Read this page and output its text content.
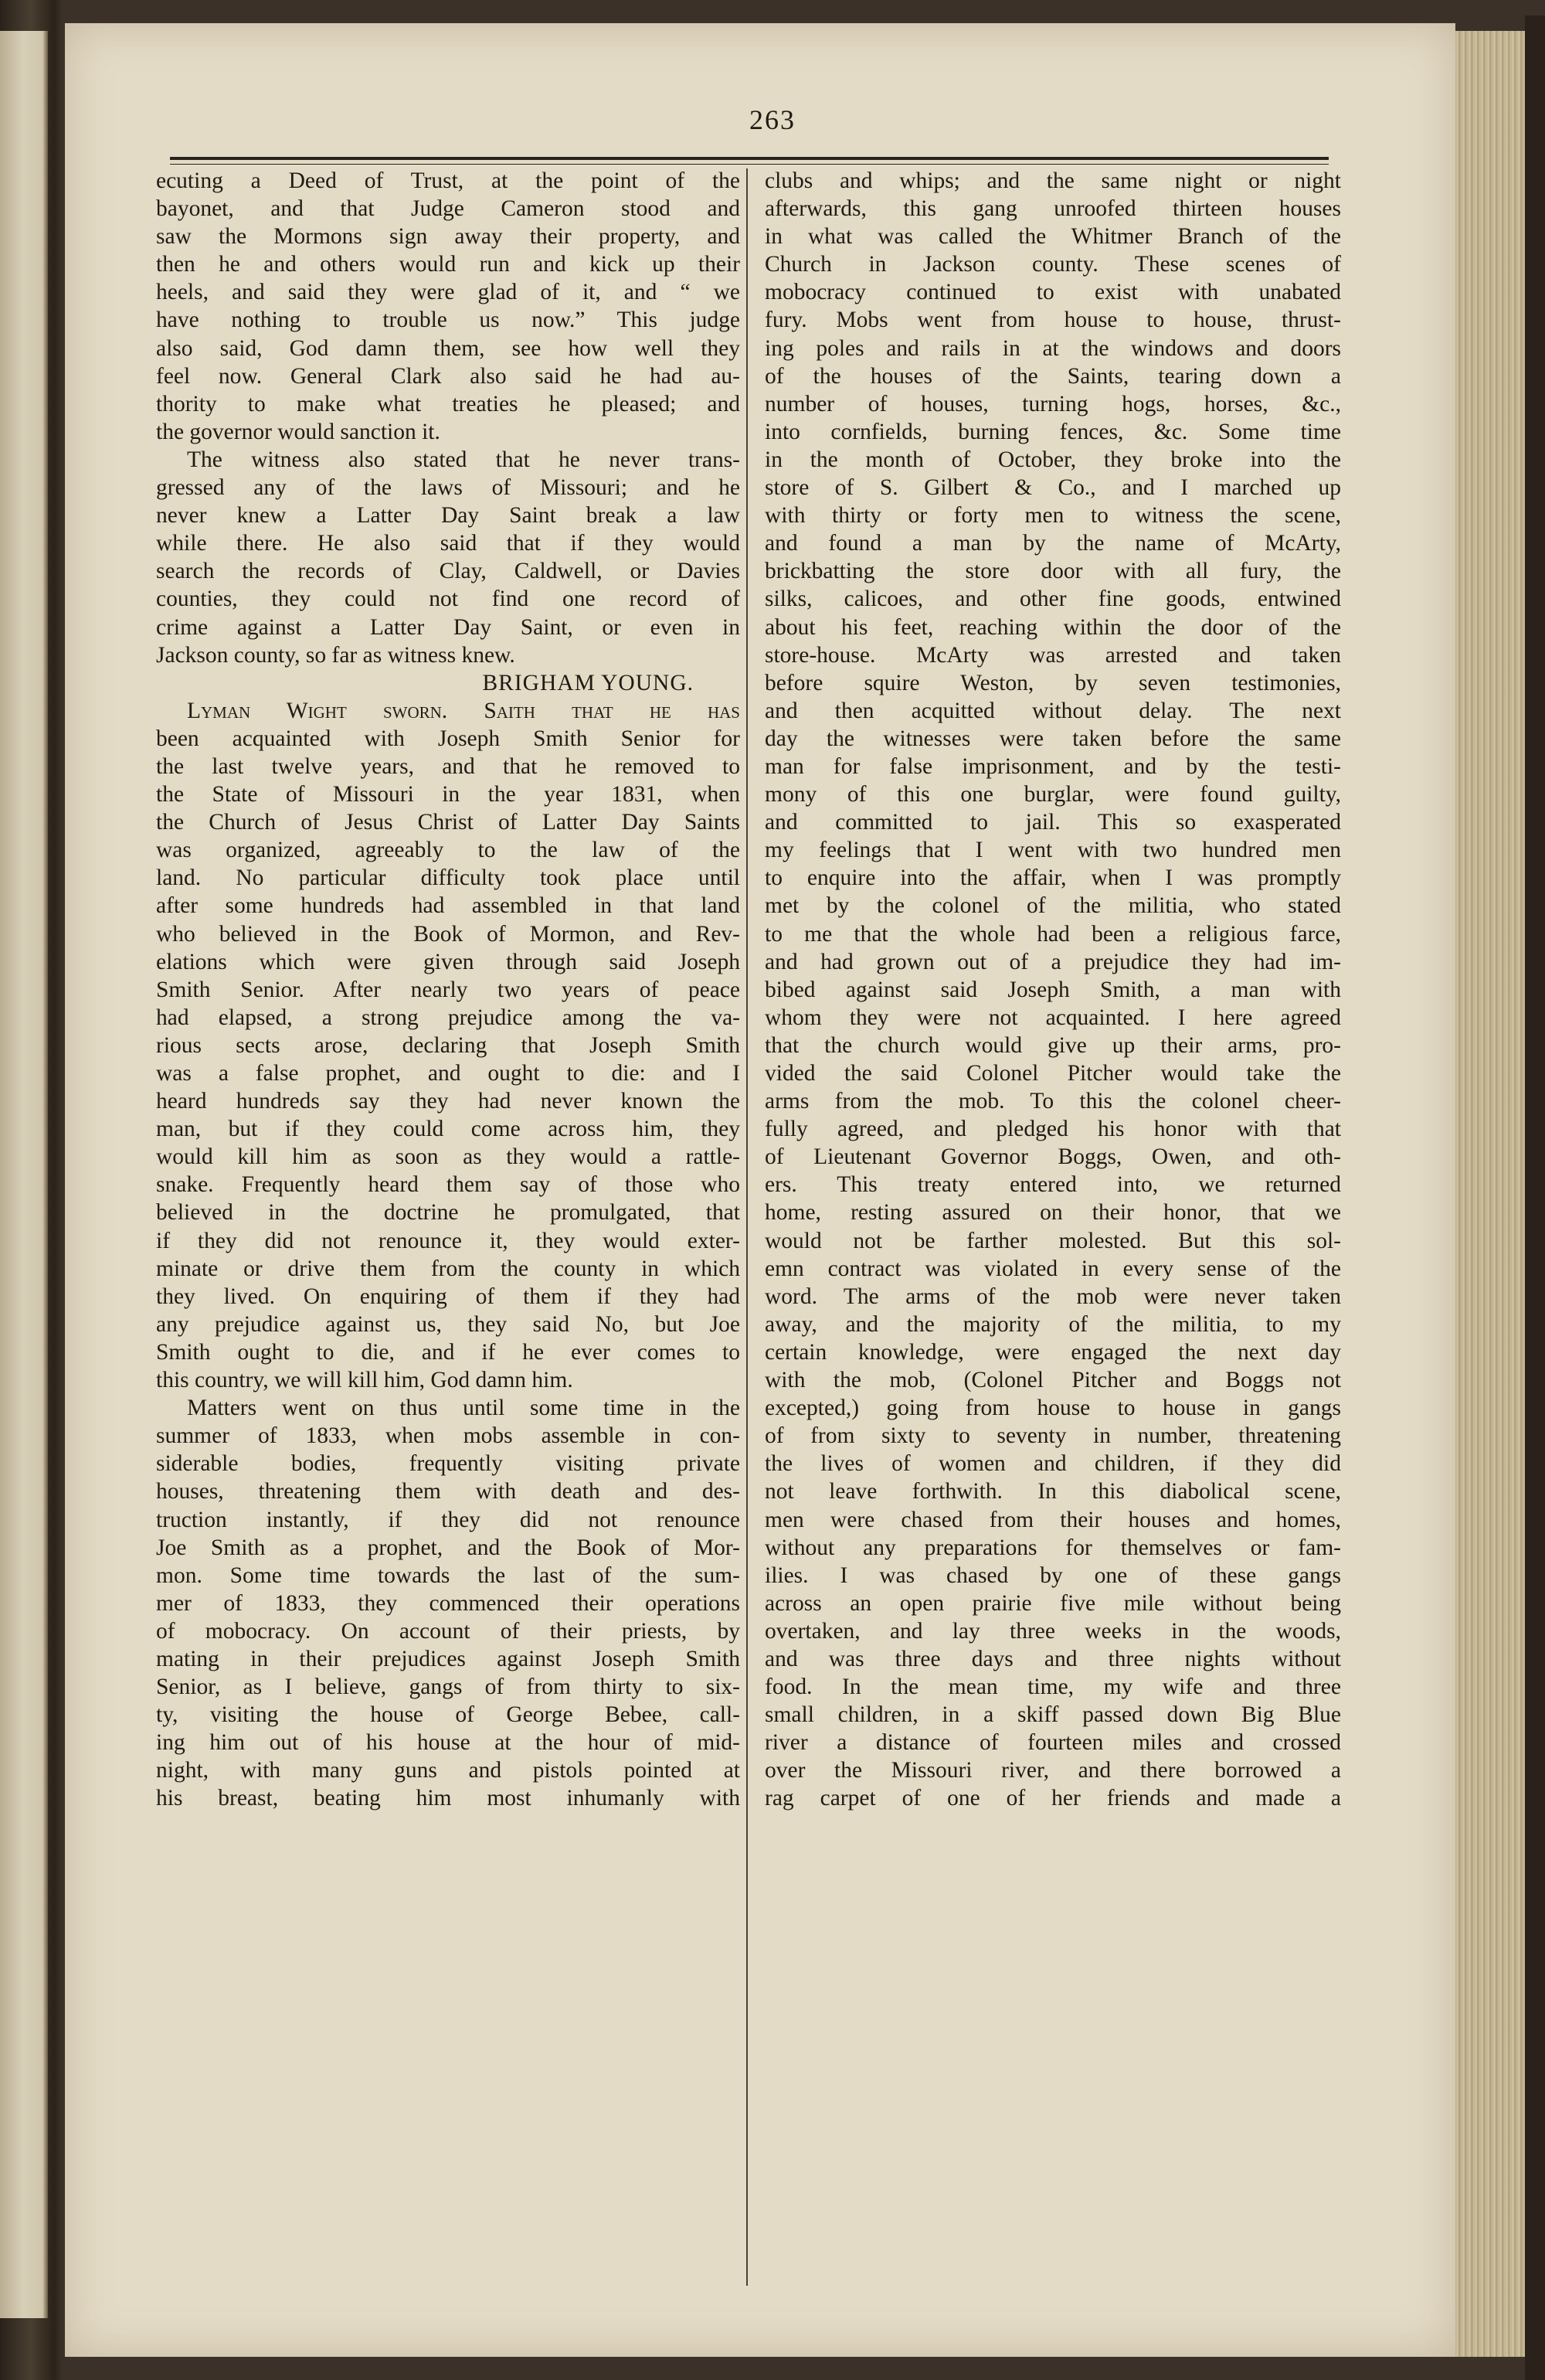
263

ecuting a Deed of Trust, at the point of the

bayonet, and that Judge Cameron stood and

saw the Mormons sign away their property, and

then he and others would run and kick up their

heels, and said they were glad of it, and “ we

have nothing to trouble us now.” This judge

also said, God damn them, see how well they

feel now. General Clark also said he had au-

thority to make what treaties he pleased; and

the governor would sanction it.

The witness also stated that he never trans-

gressed any of the laws of Missouri; and he

never knew a Latter Day Saint break a law

while there. He also said that if they would

search the records of Clay, Caldwell, or Davies

counties, they could not find one record of

crime against a Latter Day Saint, or even in

Jackson county, so far as witness knew.

BRIGHAM YOUNG.

Lyman Wight sworn. Saith that he has

been acquainted with Joseph Smith Senior for

the last twelve years, and that he removed to

the State of Missouri in the year 1831, when

the Church of Jesus Christ of Latter Day Saints

was organized, agreeably to the law of the

land. No particular difficulty took place until

after some hundreds had assembled in that land

who believed in the Book of Mormon, and Rev-

elations which were given through said Joseph

Smith Senior. After nearly two years of peace

had elapsed, a strong prejudice among the va-

rious sects arose, declaring that Joseph Smith

was a false prophet, and ought to die: and I

heard hundreds say they had never known the

man, but if they could come across him, they

would kill him as soon as they would a rattle-

snake. Frequently heard them say of those who

believed in the doctrine he promulgated, that

if they did not renounce it, they would exter-

minate or drive them from the county in which

they lived. On enquiring of them if they had

any prejudice against us, they said No, but Joe

Smith ought to die, and if he ever comes to

this country, we will kill him, God damn him.

Matters went on thus until some time in the

summer of 1833, when mobs assemble in con-

siderable bodies, frequently visiting private

houses, threatening them with death and des-

truction instantly, if they did not renounce

Joe Smith as a prophet, and the Book of Mor-

mon. Some time towards the last of the sum-

mer of 1833, they commenced their operations

of mobocracy. On account of their priests, by

mating in their prejudices against Joseph Smith

Senior, as I believe, gangs of from thirty to six-

ty, visiting the house of George Bebee, call-

ing him out of his house at the hour of mid-

night, with many guns and pistols pointed at

his breast, beating him most inhumanly with

clubs and whips; and the same night or night

afterwards, this gang unroofed thirteen houses

in what was called the Whitmer Branch of the

Church in Jackson county. These scenes of

mobocracy continued to exist with unabated

fury. Mobs went from house to house, thrust-

ing poles and rails in at the windows and doors

of the houses of the Saints, tearing down a

number of houses, turning hogs, horses, &c.,

into cornfields, burning fences, &c. Some time

in the month of October, they broke into the

store of S. Gilbert & Co., and I marched up

with thirty or forty men to witness the scene,

and found a man by the name of McArty,

brickbatting the store door with all fury, the

silks, calicoes, and other fine goods, entwined

about his feet, reaching within the door of the

store-house. McArty was arrested and taken

before squire Weston, by seven testimonies,

and then acquitted without delay. The next

day the witnesses were taken before the same

man for false imprisonment, and by the testi-

mony of this one burglar, were found guilty,

and committed to jail. This so exasperated

my feelings that I went with two hundred men

to enquire into the affair, when I was promptly

met by the colonel of the militia, who stated

to me that the whole had been a religious farce,

and had grown out of a prejudice they had im-

bibed against said Joseph Smith, a man with

whom they were not acquainted. I here agreed

that the church would give up their arms, pro-

vided the said Colonel Pitcher would take the

arms from the mob. To this the colonel cheer-

fully agreed, and pledged his honor with that

of Lieutenant Governor Boggs, Owen, and oth-

ers. This treaty entered into, we returned

home, resting assured on their honor, that we

would not be farther molested. But this sol-

emn contract was violated in every sense of the

word. The arms of the mob were never taken

away, and the majority of the militia, to my

certain knowledge, were engaged the next day

with the mob, (Colonel Pitcher and Boggs not

excepted,) going from house to house in gangs

of from sixty to seventy in number, threatening

the lives of women and children, if they did

not leave forthwith. In this diabolical scene,

men were chased from their houses and homes,

without any preparations for themselves or fam-

ilies. I was chased by one of these gangs

across an open prairie five mile without being

overtaken, and lay three weeks in the woods,

and was three days and three nights without

food. In the mean time, my wife and three

small children, in a skiff passed down Big Blue

river a distance of fourteen miles and crossed

over the Missouri river, and there borrowed a

rag carpet of one of her friends and made a
